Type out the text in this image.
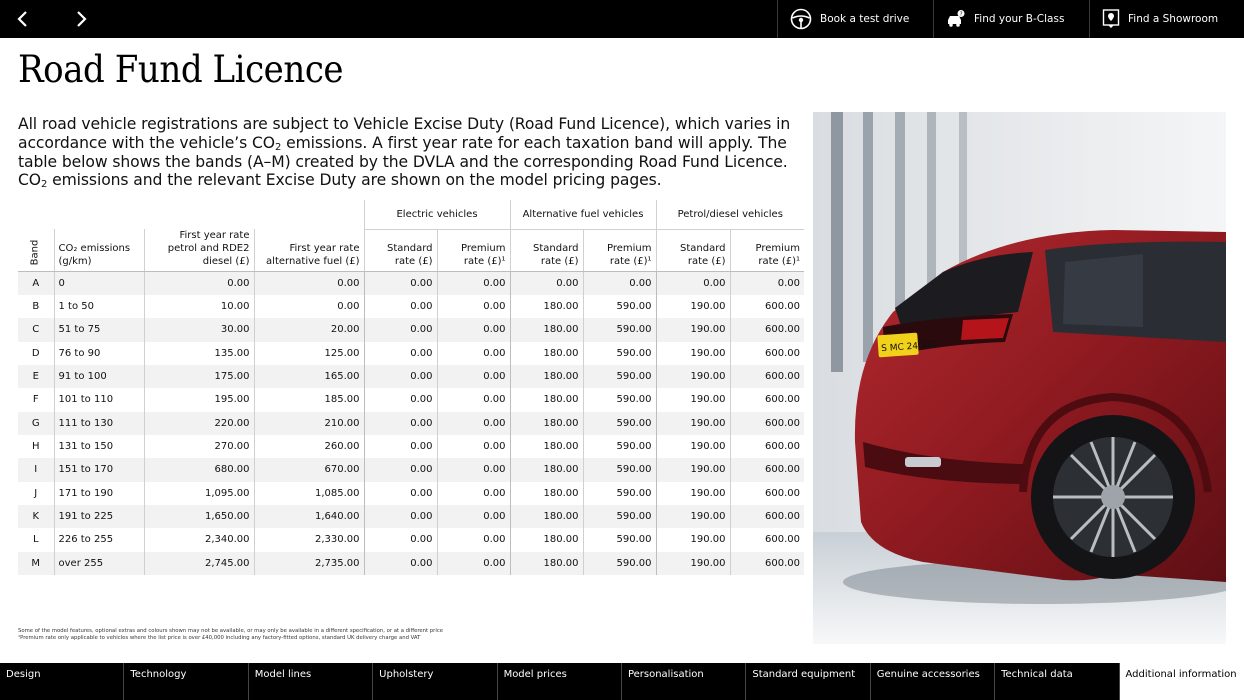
Book a test drive	? Find your B-Class	Find a Showroom
Road Fund Licence

All road vehicle registrations are subject to Vehicle Excise Duty (Road Fund Licence), which varies in accordance with the vehicle’s $CO_2$ emissions. A first year rate for each taxation band will apply. The table below shows the bands (A–M) created by the DVLA and the corresponding Road Fund Licence. $CO_2$ emissions and the relevant Excise Duty are shown on the model pricing pages.

				Electric vehicles		Alternative fuel vehicles		Petrol/diesel vehicles	

Band	CO₂ emissions (g/km)	First year rate petrol and RDE2 diesel (£)	First year rate alternative fuel (£)	Standard rate (£)	Premium rate (£)¹	Standard rate (£)	Premium rate (£)¹	Standard rate (£)	Premium rate (£)¹
A	0	0.00	0.00	0.00	0.00	0.00	0.00	0.00	0.00
B	1 to 50	10.00	0.00	0.00	0.00	180.00	590.00	190.00	600.00
C	51 to 75	30.00	20.00	0.00	0.00	180.00	590.00	190.00	600.00
D	76 to 90	135.00	125.00	0.00	0.00	180.00	590.00	190.00	600.00
E	91 to 100	175.00	165.00	0.00	0.00	180.00	590.00	190.00	600.00
F	101 to 110	195.00	185.00	0.00	0.00	180.00	590.00	190.00	600.00
G	111 to 130	220.00	210.00	0.00	0.00	180.00	590.00	190.00	600.00
H	131 to 150	270.00	260.00	0.00	0.00	180.00	590.00	190.00	600.00
I	151 to 170	680.00	670.00	0.00	0.00	180.00	590.00	190.00	600.00
J	171 to 190	1,095.00	1,085.00	0.00	0.00	180.00	590.00	190.00	600.00
K	191 to 225	1,650.00	1,640.00	0.00	0.00	180.00	590.00	190.00	600.00
L	226 to 255	2,340.00	2,330.00	0.00	0.00	180.00	590.00	190.00	600.00
M	over 255	2,745.00	2,735.00	0.00	0.00	180.00	590.00	190.00	600.00
S MC 24 722
Some of the model features, optional extras and colours shown may not be available, or may only be available in a different specification, or at a different price
¹Premium rate only applicable to vehicles where the list price is over £40,000 including any factory-fitted options, standard UK delivery charge and VAT
Design	Technology	Model lines	Upholstery	Model prices	Personalisation	Standard equipment	Genuine accessories	Technical data	Additional information
